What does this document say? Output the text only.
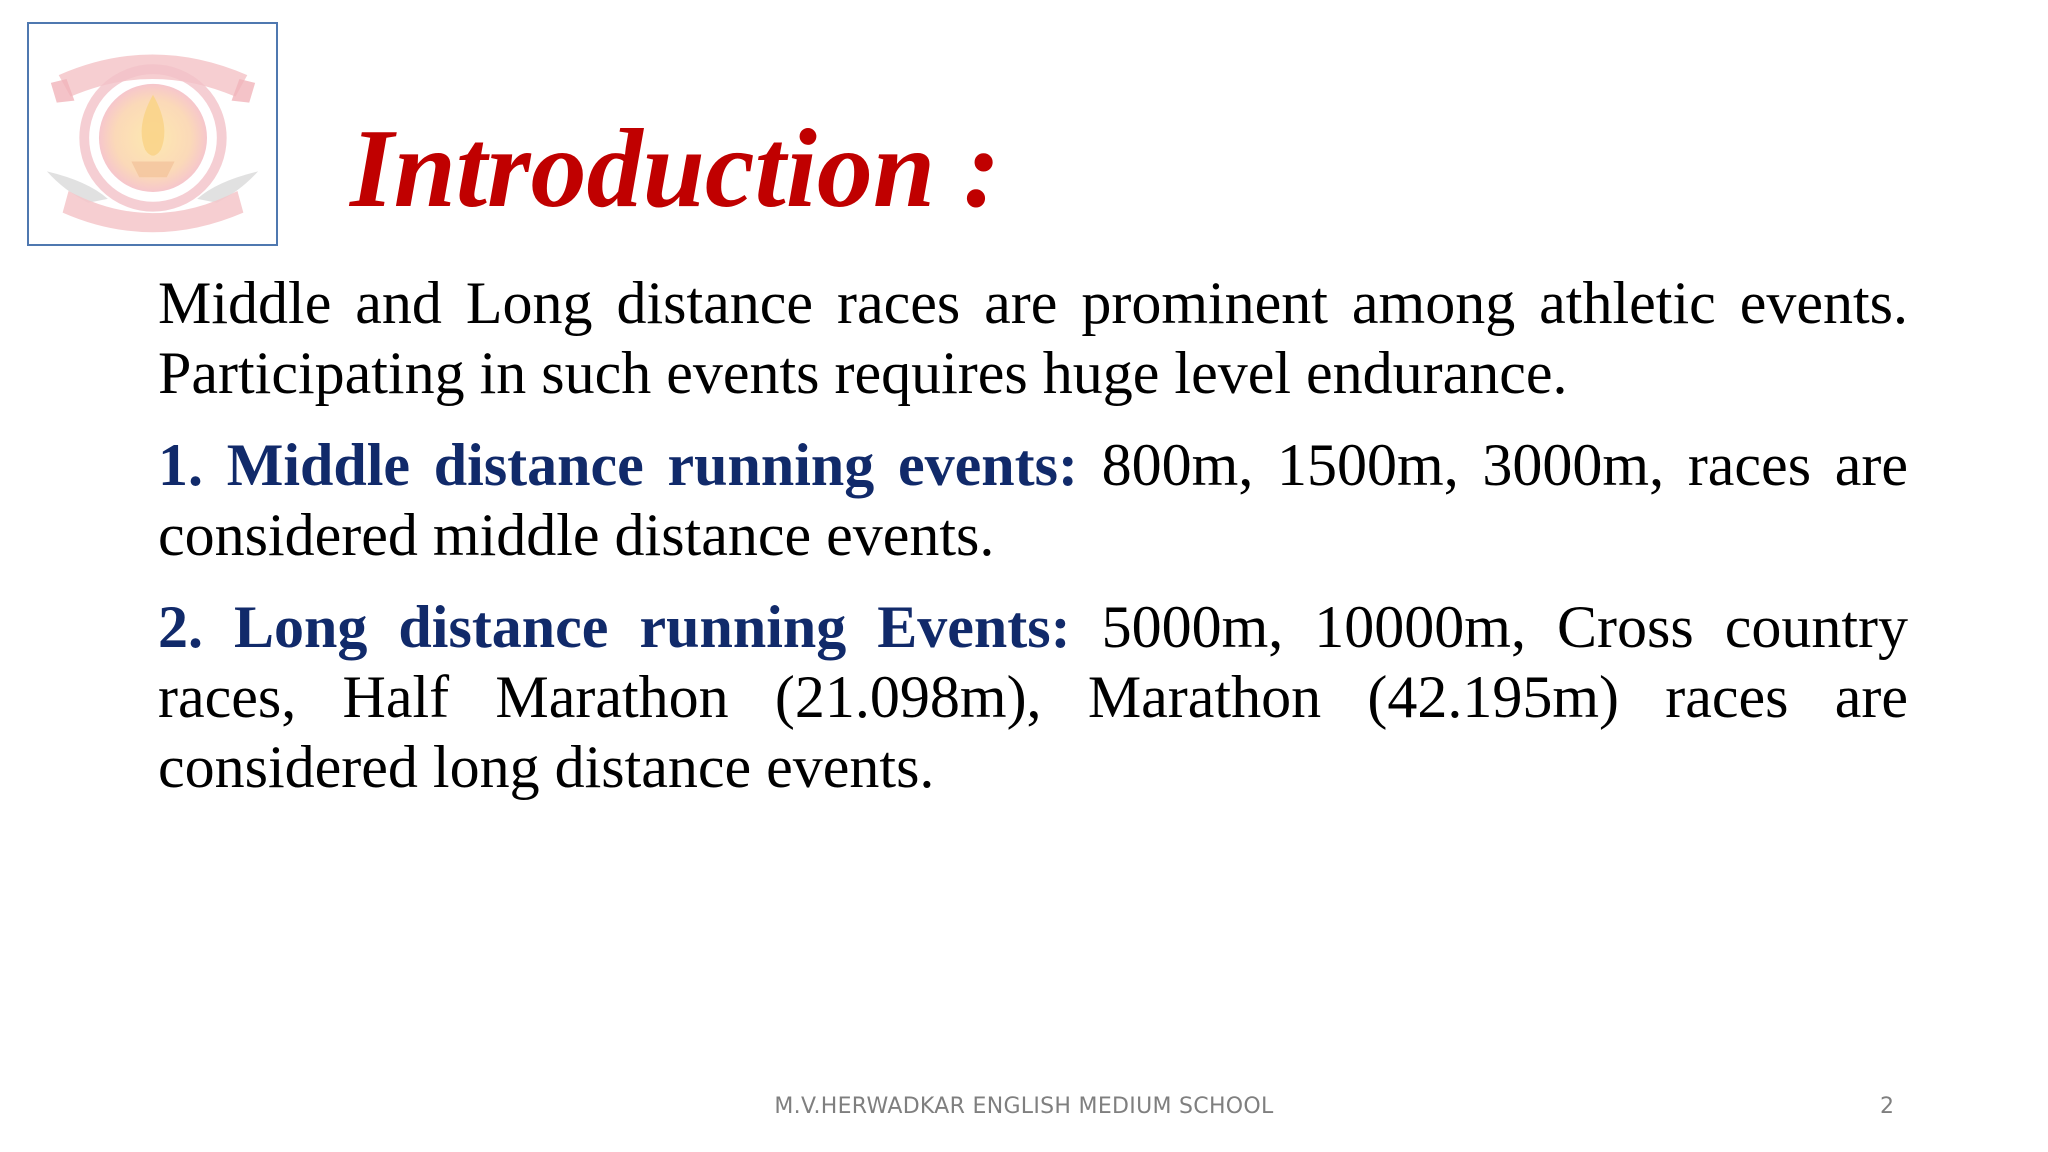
Introduction :

Middle and Long distance races are prominent among athletic events. Participating in such events requires huge level endurance.

1. Middle distance running events: 800m, 1500m, 3000m, races are considered middle distance events.

2. Long distance running Events: 5000m, 10000m, Cross country races, Half Marathon (21.098m), Marathon (42.195m) races are considered long distance events.

M.V.HERWADKAR ENGLISH MEDIUM SCHOOL	2
